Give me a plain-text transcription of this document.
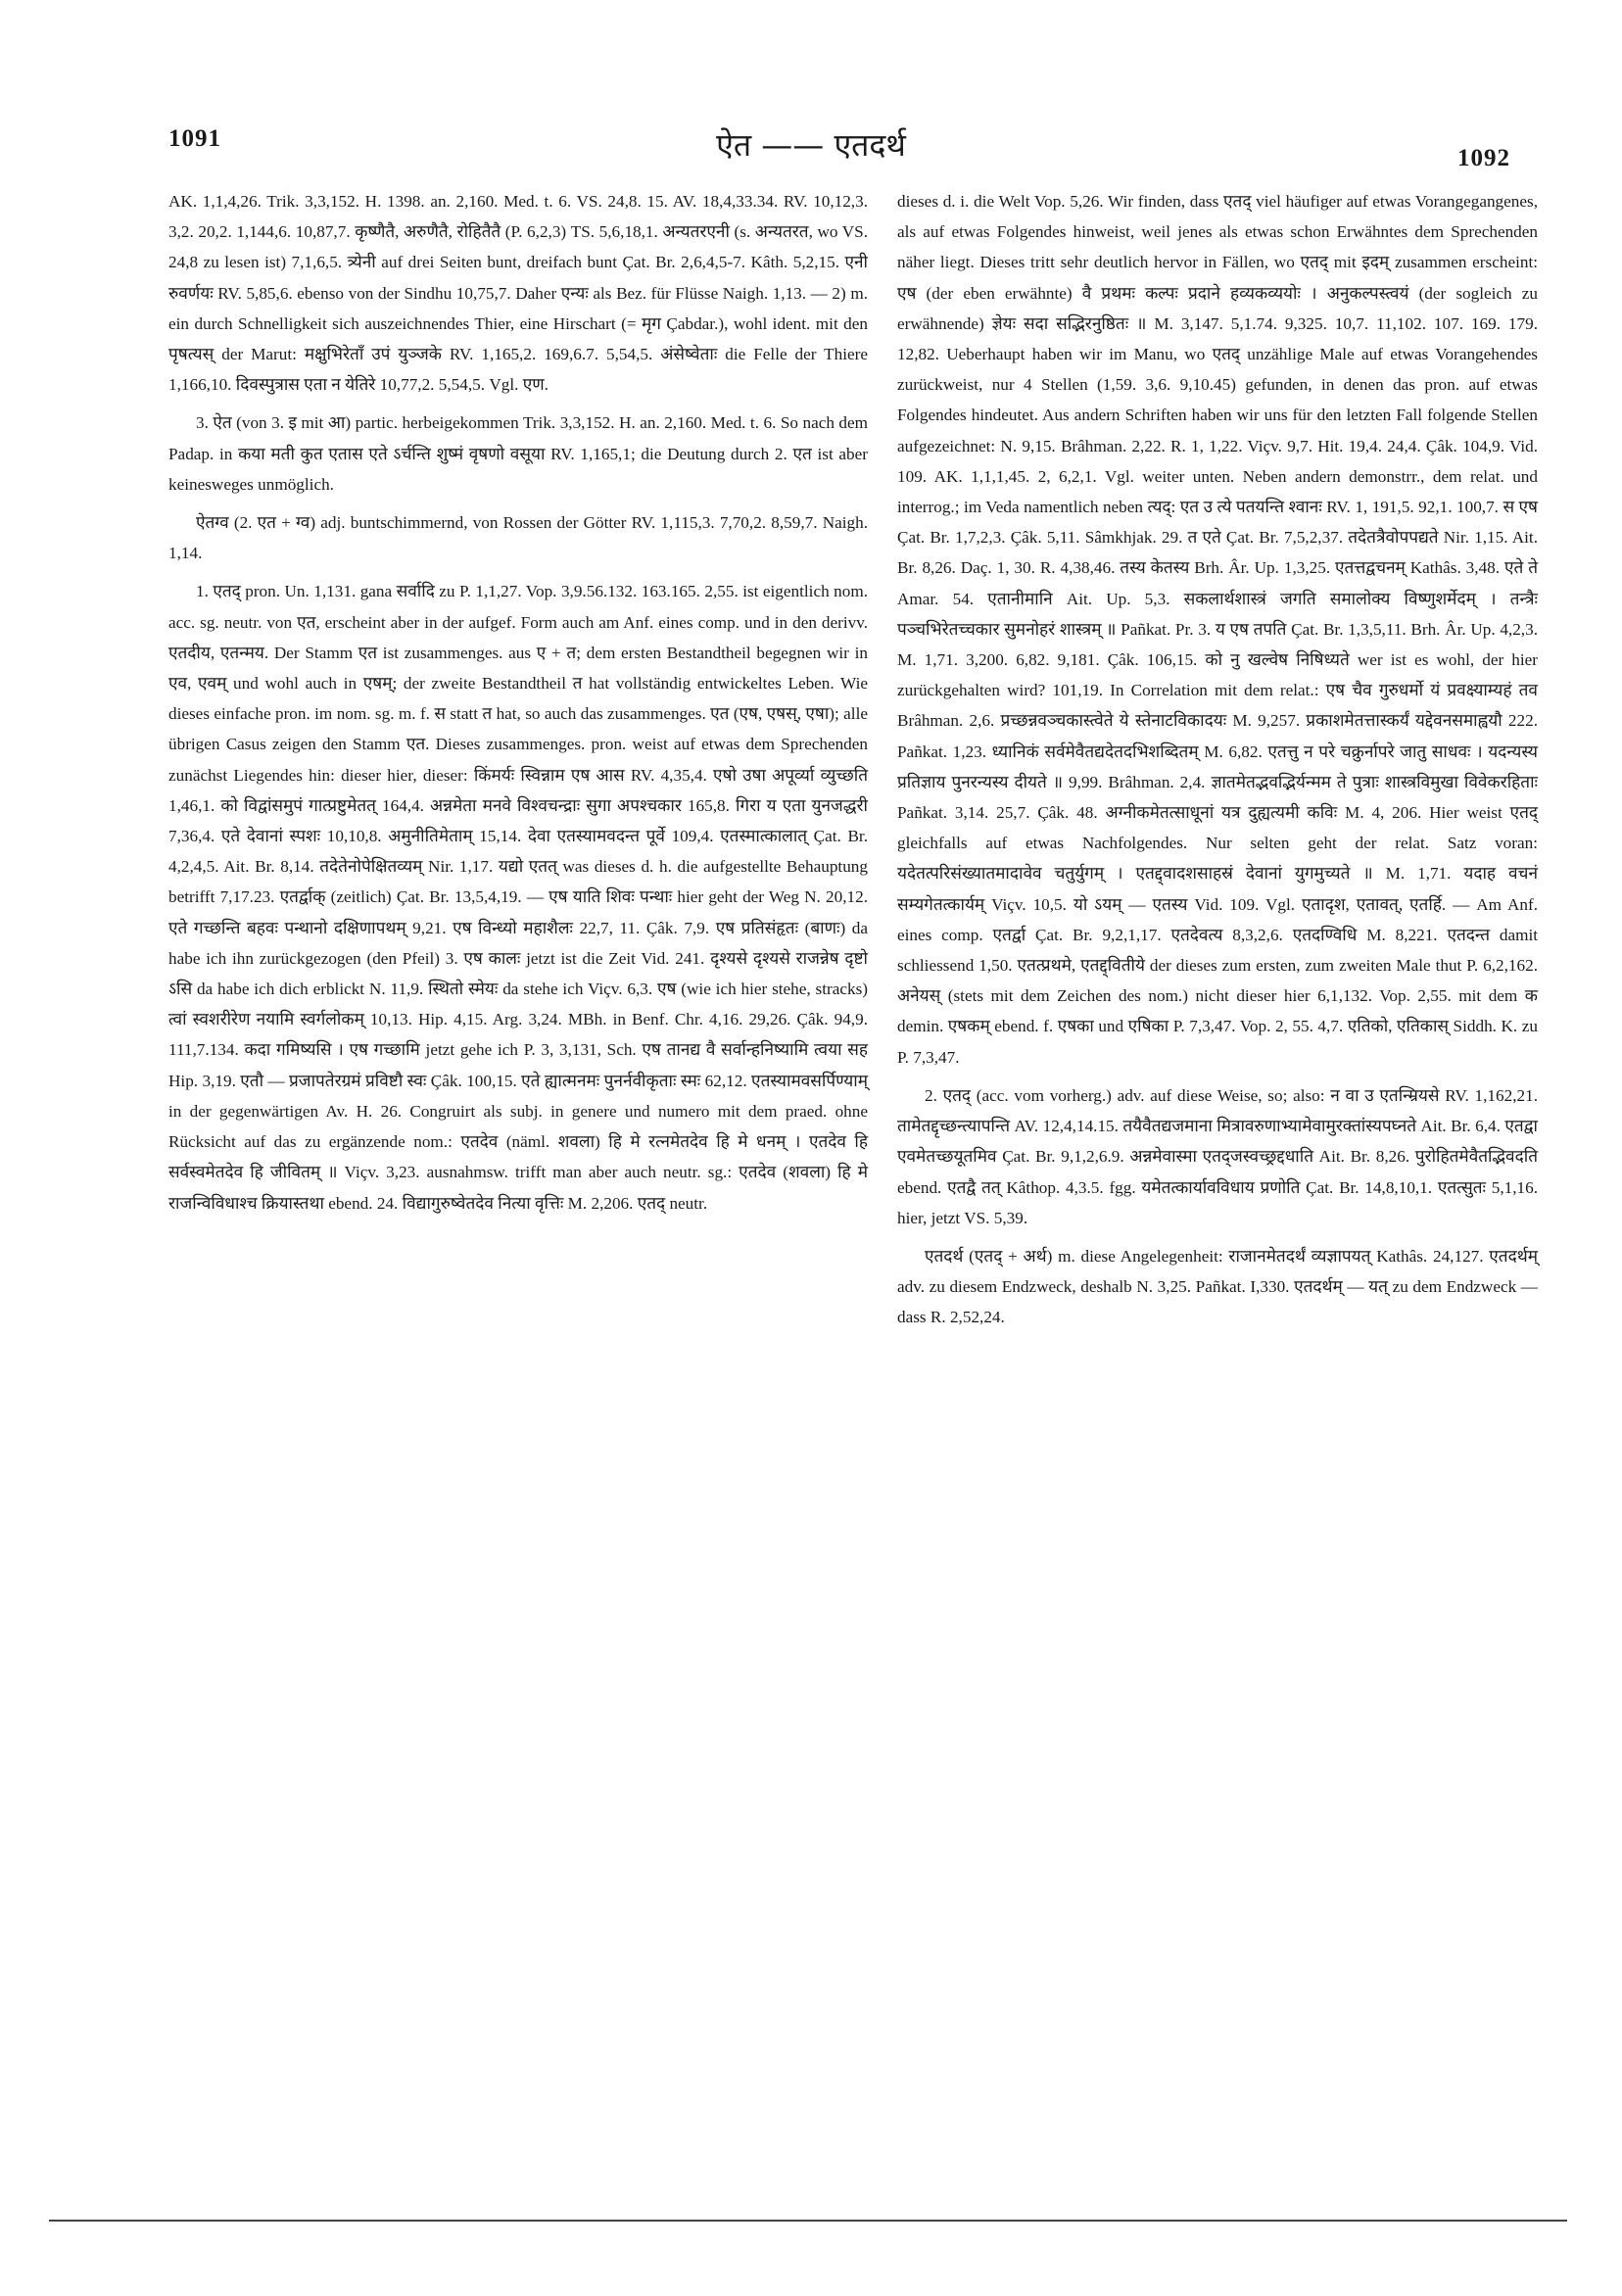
1091	ऐत —— एतदर्थ	1092

AK. 1,1,4,26. Trik. 3,3,152. H. 1398. an. 2,160. Med. t. 6. VS. 24,8. 15. AV. 18,4,33.34. RV. 10,12,3. 3,2. 20,2. 1,144,6. 10,87,7. कृष्णैतै, अरुणैतै, रोहितैतै (P. 6,2,3) TS. 5,6,18,1. अन्यतरएनी (s. अन्यतरत, wo VS. 24,8 zu lesen ist) 7,1,6,5. त्र्येनी auf drei Seiten bunt, dreifach bunt Çat. Br. 2,6,4,5-7. Kâth. 5,2,15. एनी रुवर्णयः RV. 5,85,6. ebenso von der Sindhu 10,75,7. Daher एन्यः als Bez. für Flüsse Naigh. 1,13. — 2) m. ein durch Schnelligkeit sich auszeichnendes Thier, eine Hirschart (= मृग Çabdar.), wohl ident. mit den पृषत्यस् der Marut: मक्षुभिरेताँ उपं युञ्जके RV. 1,165,2. 169,6.7. 5,54,5. अंसेष्वेताः die Felle der Thiere 1,166,10. दिवस्पुत्रास एता न येतिरे 10,77,2. 5,54,5. Vgl. एण.

3. ऐत (von 3. इ mit आ) partic. herbeigekommen Trik. 3,3,152. H. an. 2,160. Med. t. 6. So nach dem Padap. in कया मती कुत एतास एते ऽर्चन्ति शुष्मं वृषणो वसूया RV. 1,165,1; die Deutung durch 2. एत ist aber keinesweges unmöglich.

ऐतग्व (2. एत + ग्व) adj. buntschimmernd, von Rossen der Götter RV. 1,115,3. 7,70,2. 8,59,7. Naigh. 1,14.

1. एतद् pron. Un. 1,131. gana सर्वादि zu P. 1,1,27. Vop. 3,9.56.132. 163.165. 2,55. ist eigentlich nom. acc. sg. neutr. von एत, erscheint aber in der aufgef. Form auch am Anf. eines comp. und in den derivv. एतदीय, एतन्मय. Der Stamm एत ist zusammenges. aus ए + त; dem ersten Bestandtheil begegnen wir in एव, एवम् und wohl auch in एषम्; der zweite Bestandtheil त hat vollständig entwickeltes Leben. Wie dieses einfache pron. im nom. sg. m. f. स statt त hat, so auch das zusammenges. एत (एष, एषस्, एषा); alle übrigen Casus zeigen den Stamm एत. Dieses zusammenges. pron. weist auf etwas dem Sprechenden zunächst Liegendes hin: dieser hier, dieser: किंमर्यः स्विन्नाम एष आस RV. 4,35,4. एषो उषा अपूर्व्या व्युच्छति 1,46,1. को विद्वांसमुपं गात्प्रष्टुमेतत् 164,4. अन्नमेता मनवे विश्वचन्द्राः सुगा अपश्चकार 165,8. गिरा य एता युनजद्धरी 7,36,4. एते देवानां स्पशः 10,10,8. अमुनीतिमेताम् 15,14. देवा एतस्यामवदन्त पूर्वे 109,4. एतस्मात्कालात् Çat. Br. 4,2,4,5. Ait. Br. 8,14. तदेतेनोपेक्षितव्यम् Nir. 1,17. यद्यो एतत् was dieses d. h. die aufgestellte Behauptung betrifft 7,17.23. एतर्द्वाक् (zeitlich) Çat. Br. 13,5,4,19. — एष याति शिवः पन्थाः hier geht der Weg N. 20,12. एते गच्छन्ति बहवः पन्थानो दक्षिणापथम् 9,21. एष विन्ध्यो महाशैलः 22,7, 11. Çâk. 7,9. एष प्रतिसंहृतः (बाणः) da habe ich ihn zurückgezogen (den Pfeil) 3. एष कालः jetzt ist die Zeit Vid. 241. दृश्यसे दृश्यसे राजन्नेष दृष्टो ऽसि da habe ich dich erblickt N. 11,9. स्थितो स्मेयः da stehe ich Viçv. 6,3. एष (wie ich hier stehe, stracks) त्वां स्वशरीरेण नयामि स्वर्गलोकम् 10,13. Hip. 4,15. Arg. 3,24. MBh. in Benf. Chr. 4,16. 29,26. Çâk. 94,9. 111,7.134. कदा गमिष्यसि । एष गच्छामि jetzt gehe ich P. 3, 3,131, Sch. एष तानद्य वै सर्वान्हनिष्यामि त्वया सह Hip. 3,19. एतौ — प्रजापतेरग्रमं प्रविष्टौ स्वः Çâk. 100,15. एते ह्यात्मनमः पुनर्नवीकृताः स्मः 62,12. एतस्यामवसर्पिण्याम् in der gegenwärtigen Av. H. 26. Congruirt als subj. in genere und numero mit dem praed. ohne Rücksicht auf das zu ergänzende nom.: एतदेव (näml. शवला) हि मे रत्नमेतदेव हि मे धनम् । एतदेव हि सर्वस्वमेतदेव हि जीवितम् ॥ Viçv. 3,23. ausnahmsw. trifft man aber auch neutr. sg.: एतदेव (शवला) हि मे राजन्विविधाश्च क्रियास्तथा ebend. 24. विद्यागुरुष्वेतदेव नित्या वृत्तिः M. 2,206. एतद् neutr.

dieses d. i. die Welt Vop. 5,26. Wir finden, dass एतद् viel häufiger auf etwas Vorangegangenes, als auf etwas Folgendes hinweist, weil jenes als etwas schon Erwähntes dem Sprechenden näher liegt. Dieses tritt sehr deutlich hervor in Fällen, wo एतद् mit इदम् zusammen erscheint: एष (der eben erwähnte) वै प्रथमः कल्पः प्रदाने हव्यकव्ययोः । अनुकल्पस्त्वयं (der sogleich zu erwähnende) ज्ञेयः सदा सद्भिरनुष्ठितः ॥ M. 3,147. 5,1.74. 9,325. 10,7. 11,102. 107. 169. 179. 12,82. Ueberhaupt haben wir im Manu, wo एतद् unzählige Male auf etwas Vorangehendes zurückweist, nur 4 Stellen (1,59. 3,6. 9,10.45) gefunden, in denen das pron. auf etwas Folgendes hindeutet. Aus andern Schriften haben wir uns für den letzten Fall folgende Stellen aufgezeichnet: N. 9,15. Brâhman. 2,22. R. 1, 1,22. Viçv. 9,7. Hit. 19,4. 24,4. Çâk. 104,9. Vid. 109. AK. 1,1,1,45. 2, 6,2,1. Vgl. weiter unten. Neben andern demonstrr., dem relat. und interrog.; im Veda namentlich neben त्यद्: एत उ त्ये पतयन्ति श्वानः RV. 1, 191,5. 92,1. 100,7. स एष Çat. Br. 1,7,2,3. Çâk. 5,11. Sâmkhjak. 29. त एते Çat. Br. 7,5,2,37. तदेतत्रैवोपपद्यते Nir. 1,15. Ait. Br. 8,26. Daç. 1, 30. R. 4,38,46. तस्य केतस्य Brh. Âr. Up. 1,3,25. एतत्तद्वचनम् Kathâs. 3,48. एते ते Amar. 54. एतानीमानि Ait. Up. 5,3. सकलार्थशास्त्रं जगति समालोक्य विष्णुशर्मेदम् । तन्त्रैः पञ्चभिरेतच्चकार सुमनोहरं शास्त्रम् ॥ Pañkat. Pr. 3. य एष तपति Çat. Br. 1,3,5,11. Brh. Âr. Up. 4,2,3. M. 1,71. 3,200. 6,82. 9,181. Çâk. 106,15. को नु खल्वेष निषिध्यते wer ist es wohl, der hier zurückgehalten wird? 101,19. In Correlation mit dem relat.: एष चैव गुरुधर्मो यं प्रवक्ष्याम्यहं तव Brâhman. 2,6. प्रच्छन्नवञ्चकास्त्वेते ये स्तेनाटविकादयः M. 9,257. प्रकाशमेतत्तास्कर्यं यद्देवनसमाह्वयौ 222. Pañkat. 1,23. ध्यानिकं सर्वमेवैतद्यदेतदभिशब्दितम् M. 6,82. एतत्तु न परे चक्रुर्नापरे जातु साधवः । यदन्यस्य प्रतिज्ञाय पुनरन्यस्य दीयते ॥ 9,99. Brâhman. 2,4. ज्ञातमेतद्भवद्भिर्यन्मम ते पुत्राः शास्त्रविमुखा विवेकरहिताः Pañkat. 3,14. 25,7. Çâk. 48. अग्नीकमेतत्साधूनां यत्र दुह्यत्यमी कविः M. 4, 206. Hier weist एतद् gleichfalls auf etwas Nachfolgendes. Nur selten geht der relat. Satz voran: यदेतत्परिसंख्यातमादावेव चतुर्युगम् । एतद्द्वादशसाहस्रं देवानां युगमुच्यते ॥ M. 1,71. यदाह वचनं सम्यगेतत्कार्यम् Viçv. 10,5. यो ऽयम् — एतस्य Vid. 109. Vgl. एतादृश, एतावत्, एतर्हि. — Am Anf. eines comp. एतर्द्वा Çat. Br. 9,2,1,17. एतदेवत्य 8,3,2,6. एतदण्विधि M. 8,221. एतदन्त damit schliessend 1,50. एतत्प्रथमे, एतद्द्वितीये der dieses zum ersten, zum zweiten Male thut P. 6,2,162. अनेयस् (stets mit dem Zeichen des nom.) nicht dieser hier 6,1,132. Vop. 2,55. mit dem क demin. एषकम् ebend. f. एषका und एषिका P. 7,3,47. Vop. 2, 55. 4,7. एतिको, एतिकास् Siddh. K. zu P. 7,3,47.

2. एतद् (acc. vom vorherg.) adv. auf diese Weise, so; also: न वा उ एतन्म्रियसे RV. 1,162,21. तामेतद्दृच्छन्त्यापन्ति AV. 12,4,14.15. तयैवैतद्यजमाना मित्रावरुणाभ्यामेवामुरक्तांस्यपघ्नते Ait. Br. 6,4. एतद्वा एवमेतच्छयूतमिव Çat. Br. 9,1,2,6.9. अन्नमेवास्मा एतद्जस्वच्छ्रद्दधाति Ait. Br. 8,26. पुरोहितमेवैतद्भिवदति ebend. एतद्वै तत् Kâthop. 4,3.5. fgg. यमेतत्कार्यावविधाय प्रणोति Çat. Br. 14,8,10,1. एतत्सुतः 5,1,16. hier, jetzt VS. 5,39.

एतदर्थ (एतद् + अर्थ) m. diese Angelegenheit: राजानमेतदर्थं व्यज्ञापयत् Kathâs. 24,127. एतदर्थम् adv. zu diesem Endzweck, deshalb N. 3,25. Pañkat. I,330. एतदर्थम् — यत् zu dem Endzweck — dass R. 2,52,24.
